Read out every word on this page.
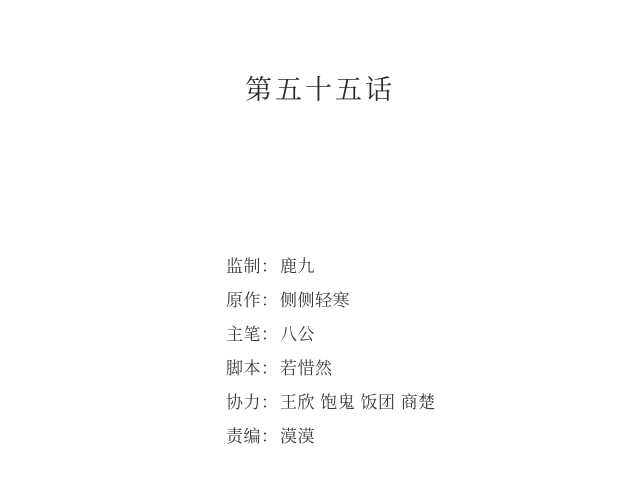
第五十五话
监制 ： 鹿九
原作 ： 侧侧轻寒
主笔 ： 八公
脚本 ： 若惜然
协力 ： 王欣 饱鬼 饭团 商楚
责编 ： 漠漠
